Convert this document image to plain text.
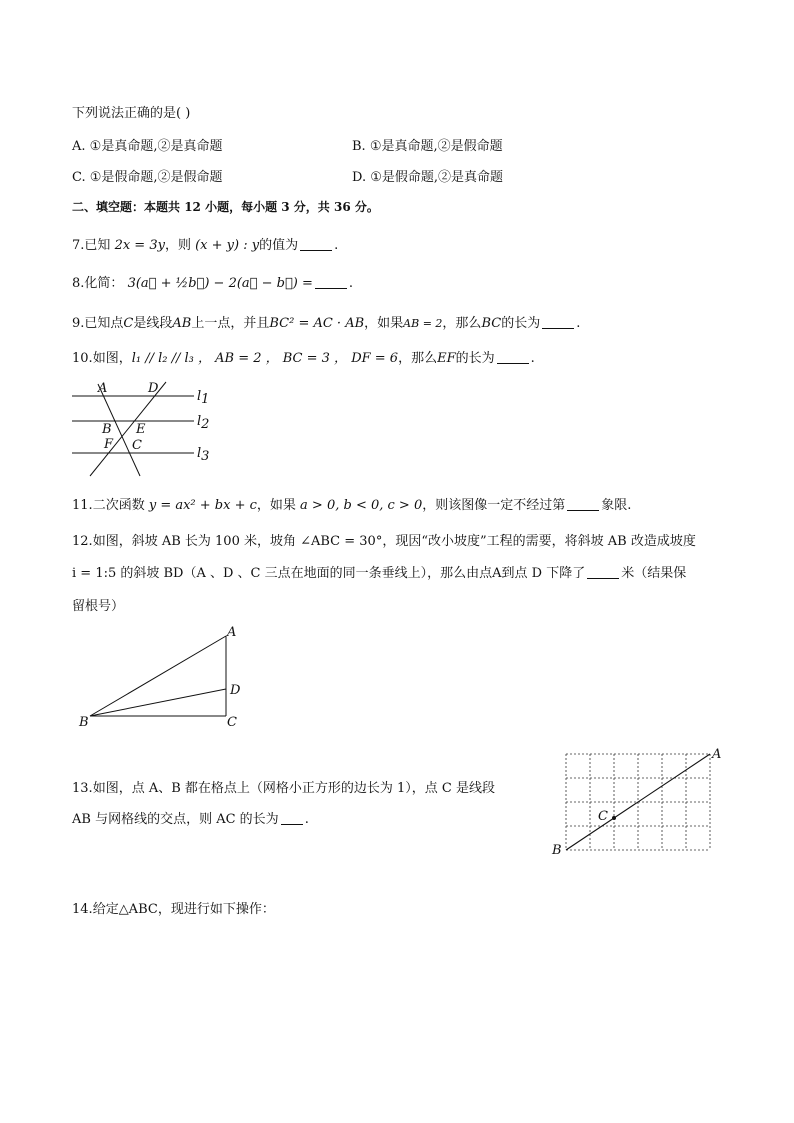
下列说法正确的是( )
A. ①是真命题,②是真命题	B. ①是真命题,②是假命题
C. ①是假命题,②是假命题	D. ①是假命题,②是真命题
二、填空题：本题共 12 小题，每小题 3 分，共 36 分。
7.已知 2x = 3y，则 (x + y) : y的值为	.
8.化简： 3(a⃗ + ½b⃗) − 2(a⃗ − b⃗) =	.
9.已知点C是线段AB上一点，并且BC² = AC · AB，如果AB = 2，那么BC的长为	.
10.如图，l₁ // l₂ // l₃ ， AB = 2 ， BC = 3 ， DF = 6，那么EF的长为	.
A	D
B E
F C
l1
l2
l3
11.二次函数 y = ax² + bx + c，如果 a > 0, b < 0, c > 0，则该图像一定不经过第	象限.
12.如图，斜坡 AB 长为 100 米，坡角 ∠ABC = 30°，现因“改小坡度”工程的需要，将斜坡 AB 改造成坡度
i = 1:5 的斜坡 BD（A 、D 、C 三点在地面的同一条垂线上），那么由点A到点 D 下降了	米（结果保
留根号）
A
D
B	C
13.如图，点 A、B 都在格点上（网格小正方形的边长为 1），点 C 是线段
AB 与网格线的交点，则 AC 的长为 .
A
B
C
14.给定△ABC，现进行如下操作：
